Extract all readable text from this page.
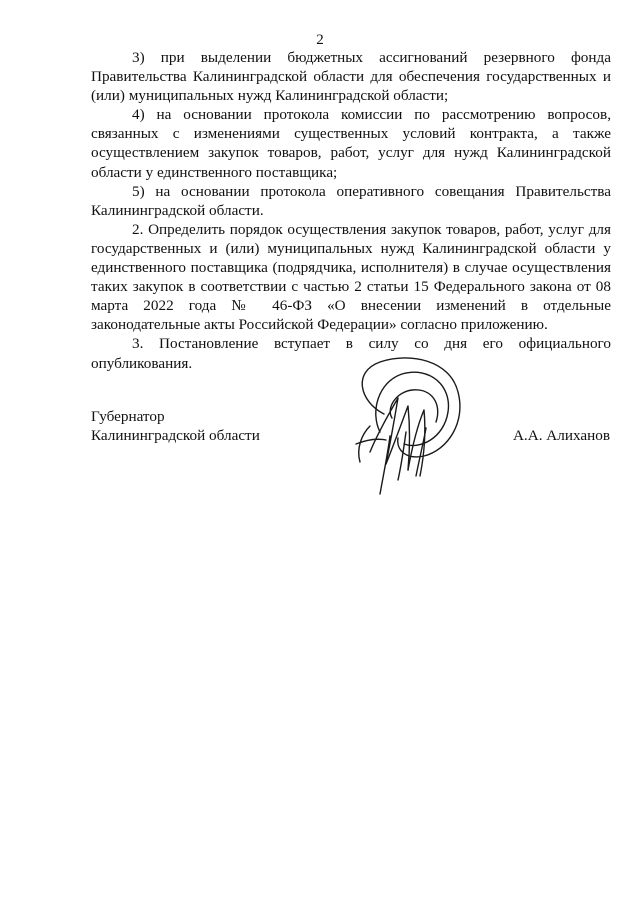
2

3) при выделении бюджетных ассигнований резервного фонда Правительства Калининградской области для обеспечения государственных и (или) муниципальных нужд Калининградской области;

4) на основании протокола комиссии по рассмотрению вопросов, связанных с изменениями существенных условий контракта, а также осуществлением закупок товаров, работ, услуг для нужд Калининградской области у единственного поставщика;

5) на основании протокола оперативного совещания Правительства Калининградской области.

2. Определить порядок осуществления закупок товаров, работ, услуг для государственных и (или) муниципальных нужд Калининградской области у единственного поставщика (подрядчика, исполнителя) в случае осуществления таких закупок в соответствии с частью 2 статьи 15 Федерального закона от 08 марта 2022 года № 46-ФЗ «О внесении изменений в отдельные законодательные акты Российской Федерации» согласно приложению.

3. Постановление вступает в силу со дня его официального опубликования.

Губернатор
Калининградской области	А.А. Алиханов
